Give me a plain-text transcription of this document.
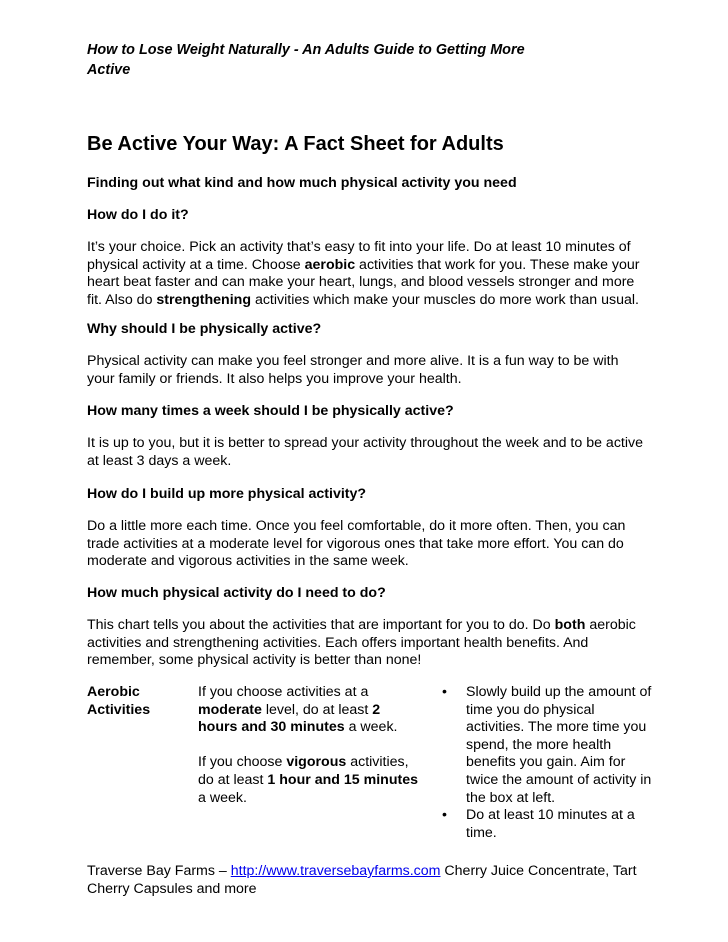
How to Lose Weight Naturally - An Adults Guide to Getting More
Active

Be Active Your Way: A Fact Sheet for Adults

Finding out what kind and how much physical activity you need

How do I do it?

It’s your choice. Pick an activity that’s easy to fit into your life. Do at least 10 minutes of physical activity at a time. Choose aerobic activities that work for you. These make your heart beat faster and can make your heart, lungs, and blood vessels stronger and more fit. Also do strengthening activities which make your muscles do more work than usual.

Why should I be physically active?

Physical activity can make you feel stronger and more alive. It is a fun way to be with your family or friends. It also helps you improve your health.

How many times a week should I be physically active?

It is up to you, but it is better to spread your activity throughout the week and to be active at least 3 days a week.

How do I build up more physical activity?

Do a little more each time. Once you feel comfortable, do it more often. Then, you can trade activities at a moderate level for vigorous ones that take more effort. You can do moderate and vigorous activities in the same week.

How much physical activity do I need to do?

This chart tells you about the activities that are important for you to do. Do both aerobic activities and strengthening activities. Each offers important health benefits. And remember, some physical activity is better than none!

Aerobic
Activities
If you choose activities at a moderate level, do at least 2 hours and 30 minutes a week.
If you choose vigorous activities, do at least 1 hour and 15 minutes a week.
• Slowly build up the amount of time you do physical activities. The more time you spend, the more health benefits you gain. Aim for twice the amount of activity in the box at left.
• Do at least 10 minutes at a time.
Traverse Bay Farms – http://www.traversebayfarms.com Cherry Juice Concentrate, Tart Cherry Capsules and more
